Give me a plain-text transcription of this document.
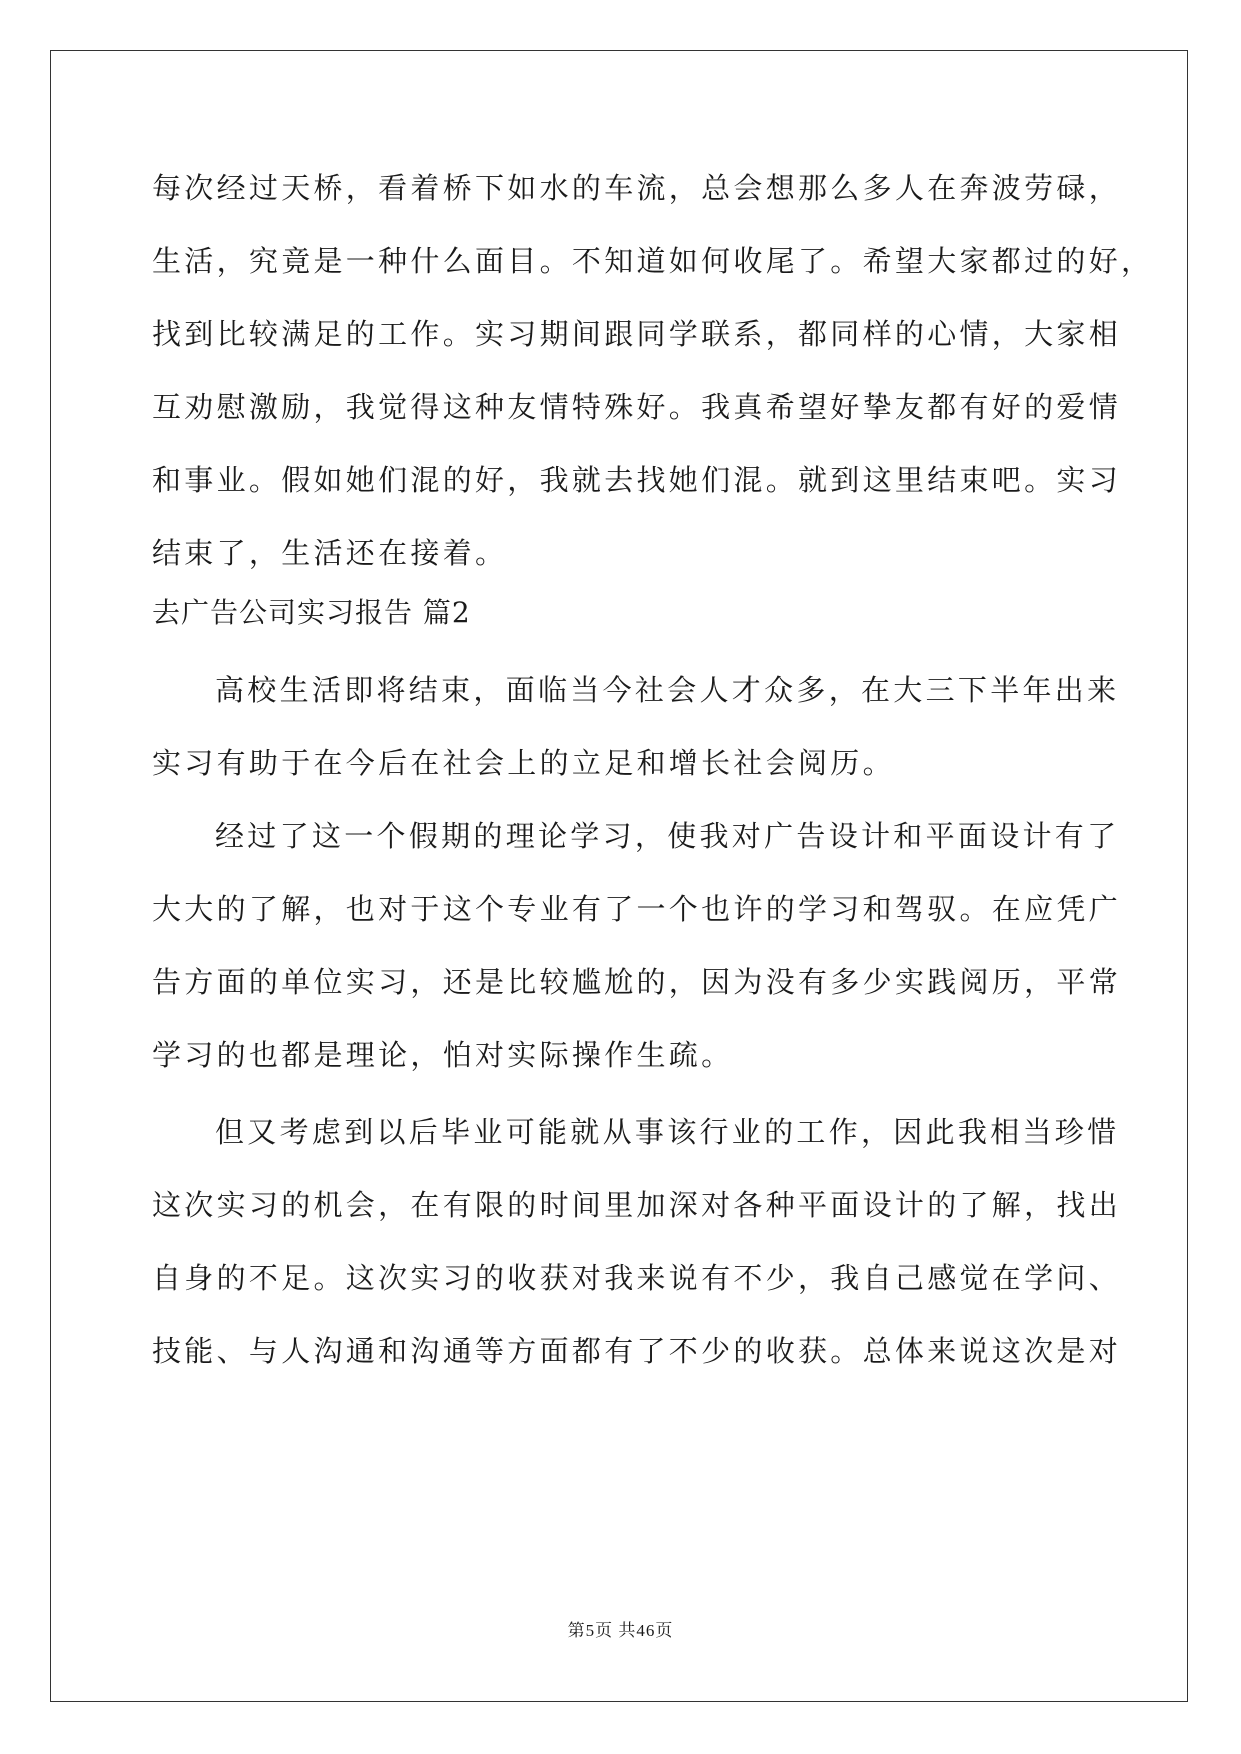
每次经过天桥，看着桥下如水的车流，总会想那么多人在奔波劳碌，
生活，究竟是一种什么面目。不知道如何收尾了。希望大家都过的好，
找到比较满足的工作。实习期间跟同学联系，都同样的心情，大家相
互劝慰激励，我觉得这种友情特殊好。我真希望好挚友都有好的爱情
和事业。假如她们混的好，我就去找她们混。就到这里结束吧。实习
结束了，生活还在接着。
去广告公司实习报告 篇2
高校生活即将结束，面临当今社会人才众多，在大三下半年出来
实习有助于在今后在社会上的立足和增长社会阅历。
经过了这一个假期的理论学习，使我对广告设计和平面设计有了
大大的了解，也对于这个专业有了一个也许的学习和驾驭。在应凭广
告方面的单位实习，还是比较尴尬的，因为没有多少实践阅历，平常
学习的也都是理论，怕对实际操作生疏。
但又考虑到以后毕业可能就从事该行业的工作，因此我相当珍惜
这次实习的机会，在有限的时间里加深对各种平面设计的了解，找出
自身的不足。这次实习的收获对我来说有不少，我自己感觉在学问、
技能、与人沟通和沟通等方面都有了不少的收获。总体来说这次是对
第5页 共46页
